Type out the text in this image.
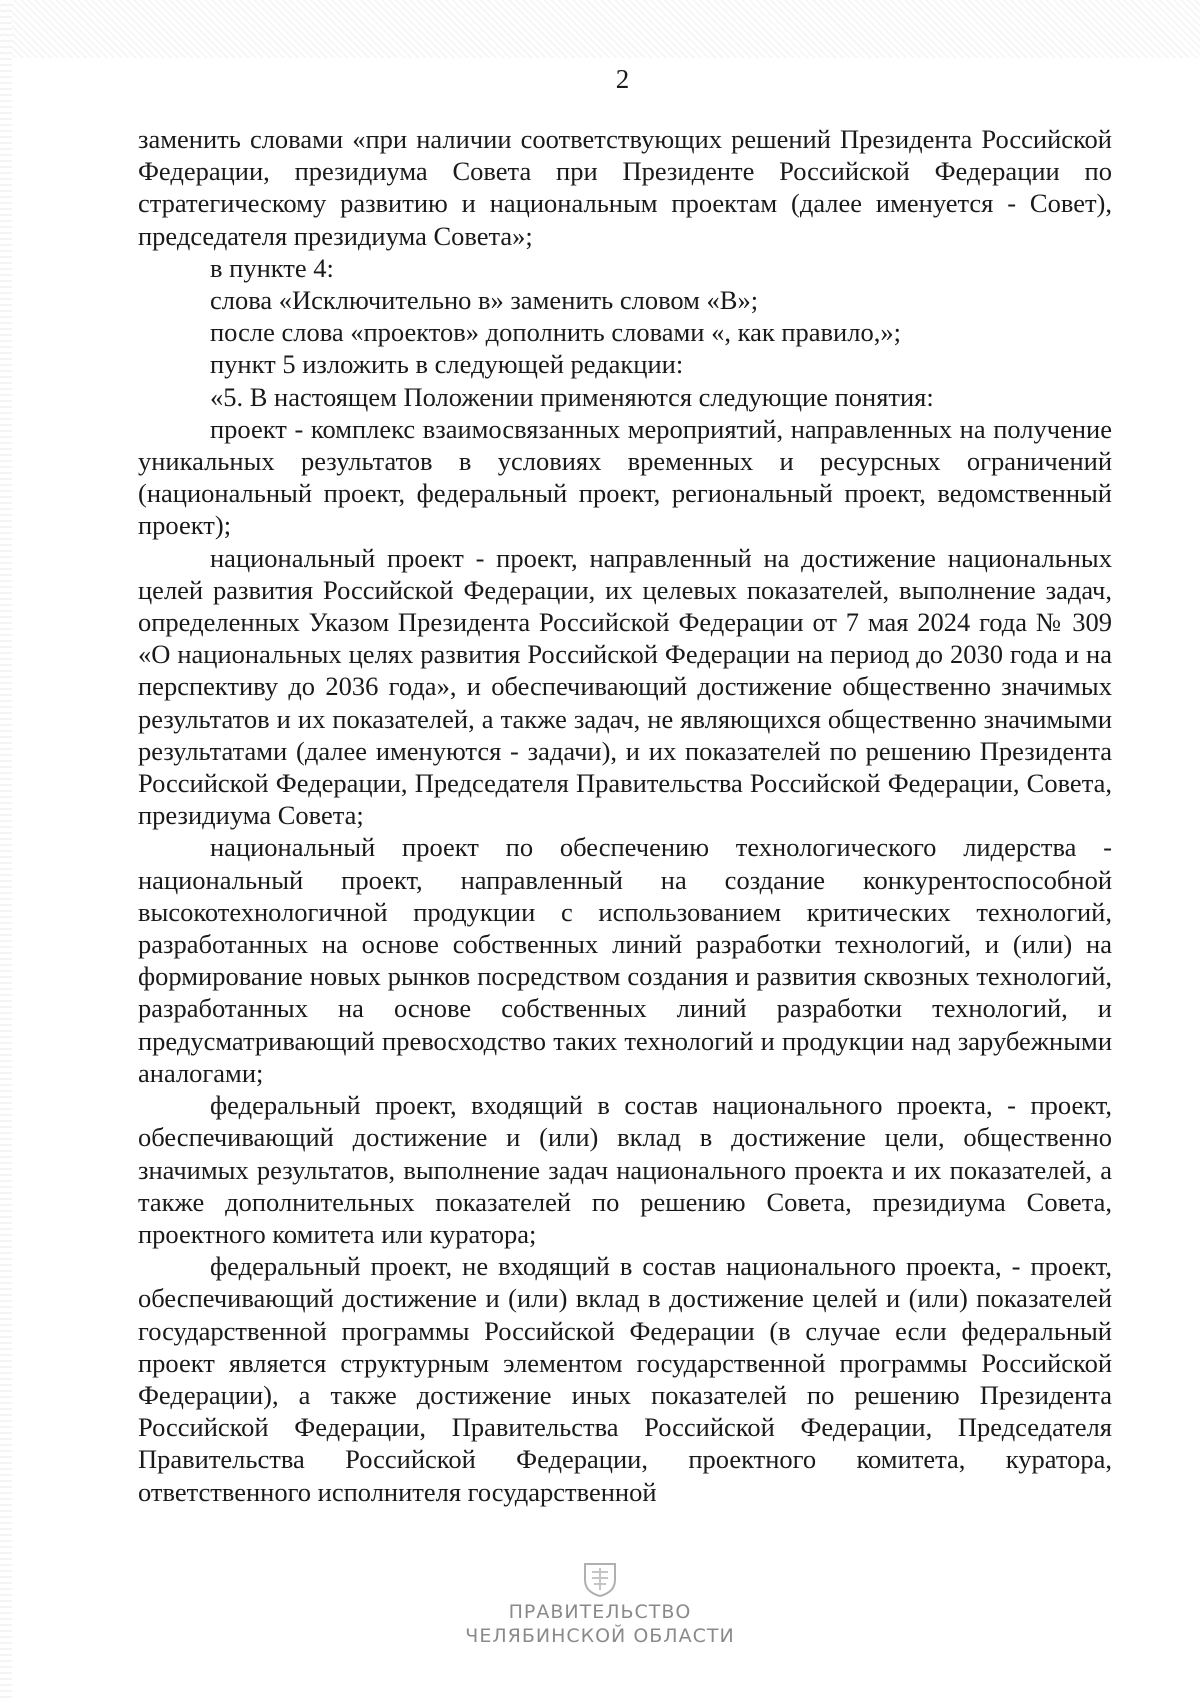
2

заменить словами «при наличии соответствующих решений Президента Российской Федерации, президиума Совета при Президенте Российской Федерации по стратегическому развитию и национальным проектам (далее именуется - Совет), председателя президиума Совета»;

в пункте 4:

слова «Исключительно в» заменить словом «В»;

после слова «проектов» дополнить словами «, как правило,»;

пункт 5 изложить в следующей редакции:

«5. В настоящем Положении применяются следующие понятия:

проект - комплекс взаимосвязанных мероприятий, направленных на получение уникальных результатов в условиях временных и ресурсных ограничений (национальный проект, федеральный проект, региональный проект, ведомственный проект);

национальный проект - проект, направленный на достижение национальных целей развития Российской Федерации, их целевых показателей, выполнение задач, определенных Указом Президента Российской Федерации от 7 мая 2024 года № 309 «О национальных целях развития Российской Федерации на период до 2030 года и на перспективу до 2036 года», и обеспечивающий достижение общественно значимых результатов и их показателей, а также задач, не являющихся общественно значимыми результатами (далее именуются - задачи), и их показателей по решению Президента Российской Федерации, Председателя Правительства Российской Федерации, Совета, президиума Совета;

национальный проект по обеспечению технологического лидерства - национальный проект, направленный на создание конкурентоспособной высокотехнологичной продукции с использованием критических технологий, разработанных на основе собственных линий разработки технологий, и (или) на формирование новых рынков посредством создания и развития сквозных технологий, разработанных на основе собственных линий разработки технологий, и предусматривающий превосходство таких технологий и продукции над зарубежными аналогами;

федеральный проект, входящий в состав национального проекта, - проект, обеспечивающий достижение и (или) вклад в достижение цели, общественно значимых результатов, выполнение задач национального проекта и их показателей, а также дополнительных показателей по решению Совета, президиума Совета, проектного комитета или куратора;

федеральный проект, не входящий в состав национального проекта, - проект, обеспечивающий достижение и (или) вклад в достижение целей и (или) показателей государственной программы Российской Федерации (в случае если федеральный проект является структурным элементом государственной программы Российской Федерации), а также достижение иных показателей по решению Президента Российской Федерации, Правительства Российской Федерации, Председателя Правительства Российской Федерации, проектного комитета, куратора, ответственного исполнителя государственной

ПРАВИТЕЛЬСТВО
ЧЕЛЯБИНСКОЙ ОБЛАСТИ
